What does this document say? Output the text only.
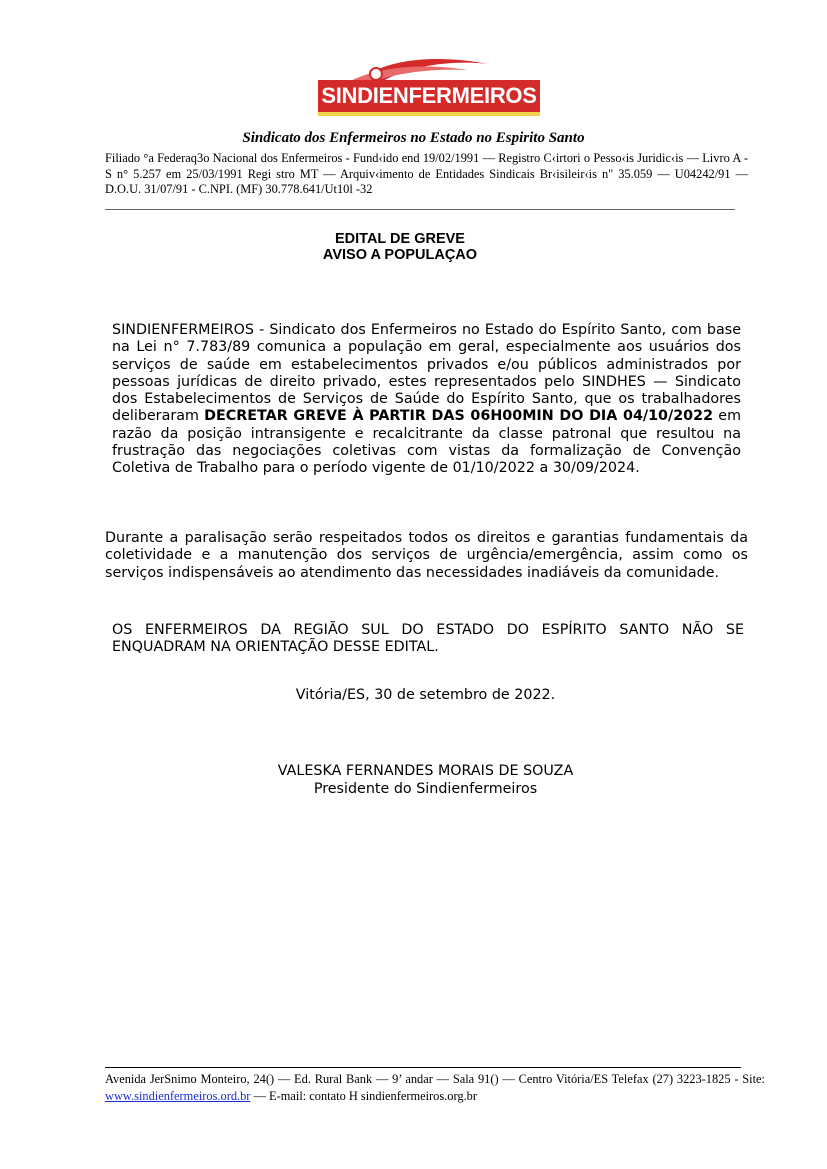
SINDIENFERMEIROS
Sindicato dos Enfermeiros no Estado no Espirito Santo
Filiado °a Federaq3o Nacional dos Enfermeiros - Fund‹ido end 19/02/1991 — Registro C‹irtori o Pesso‹is Juridic‹is — Livro A -S n° 5.257 em 25/03/1991 Regi stro MT — Arquiv‹imento de Entidades Sindicais Br‹isileir‹is n" 35.059 — U04242/91 — D.O.U. 31/07/91 - C.NPI. (MF) 30.778.641/Ut10l -32
EDITAL DE GREVE
AVISO A POPULAÇAO
SINDIENFERMEIROS - Sindicato dos Enfermeiros no Estado do Espírito Santo, com base na Lei n° 7.783/89 comunica a população em geral, especialmente aos usuários dos serviços de saúde em estabelecimentos privados e/ou públicos administrados por pessoas jurídicas de direito privado, estes representados pelo SINDHES — Sindicato dos Estabelecimentos de Serviços de Saúde do Espírito Santo, que os trabalhadores deliberaram DECRETAR GREVE À PARTIR DAS 06H00MIN DO DIA 04/10/2022 em razão da posição intransigente e recalcitrante da classe patronal que resultou na frustração das negociações coletivas com vistas da formalização de Convenção Coletiva de Trabalho para o período vigente de 01/10/2022 a 30/09/2024.
Durante a paralisação serão respeitados todos os direitos e garantias fundamentais da coletividade e a manutenção dos serviços de urgência/emergência, assim como os serviços indispensáveis ao atendimento das necessidades inadiáveis da comunidade.
OS ENFERMEIROS DA REGIÃO SUL DO ESTADO DO ESPÍRITO SANTO NÃO SE ENQUADRAM NA ORIENTAÇÃO DESSE EDITAL.
Vitória/ES, 30 de setembro de 2022.
VALESKA FERNANDES MORAIS DE SOUZA
Presidente do Sindienfermeiros
Avenida JerSnimo Monteiro, 24() — Ed. Rural Bank — 9’ andar — Sala 91() — Centro Vitória/ES Telefax (27) 3223-1825 - Site: www.sindienfermeiros.ord.br — E-mail: contato H sindienfermeiros.org.br
